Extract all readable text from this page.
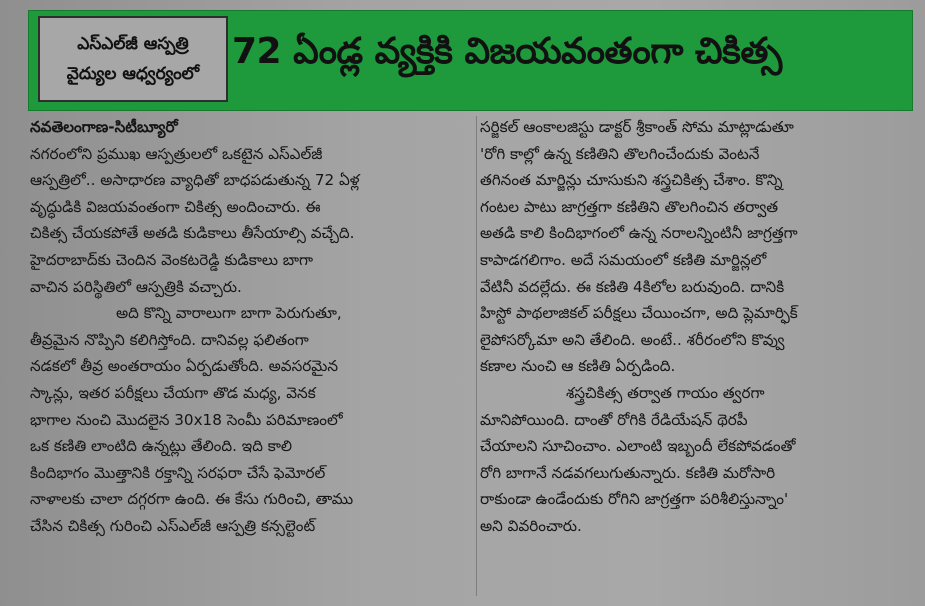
ఎస్ఎల్‌జీ ఆస్పత్రి
వైద్యుల ఆధ్వర్యంలో
72 ఏండ్ల వ్యక్తికి విజయవంతంగా చికిత్స
నవతెలంగాణ-సిటీబ్యూరో
నగరంలోని ప్రముఖ ఆస్పత్రులలో ఒకటైన ఎస్ఎల్‌జీ
ఆస్పత్రిలో.. అసాధారణ వ్యాధితో బాధపడుతున్న 72 ఏళ్ల
వృద్ధుడికి విజయవంతంగా చికిత్స అందించారు. ఈ
చికిత్స చేయకపోతే అతడి కుడికాలు తీసేయాల్సి వచ్చేది.
హైదరాబాద్‌కు చెందిన వెంకటరెడ్డి కుడికాలు బాగా
వాచిన పరిస్థితిలో ఆస్పత్రికి వచ్చారు.
అది కొన్ని వారాలుగా బాగా పెరుగుతూ,
తీవ్రమైన నొప్పిని కలిగిస్తోంది. దానివల్ల ఫలితంగా
నడకలో తీవ్ర అంతరాయం ఏర్పడుతోంది. అవసరమైన
స్కాన్లు, ఇతర పరీక్షలు చేయగా తొడ మధ్య, వెనక
భాగాల నుంచి మొదలైన 30x18 సెంమీ పరిమాణంలో
ఒక కణితి లాంటిది ఉన్నట్లు తేలింది. ఇది కాలి
కిందిభాగం మొత్తానికి రక్తాన్ని సరఫరా చేసే ఫెమోరల్
నాళాలకు చాలా దగ్గరగా ఉంది. ఈ కేసు గురించి, తాము
చేసిన చికిత్స గురించి ఎస్ఎల్‌జీ ఆస్పత్రి కన్సల్టెంట్
సర్జికల్ ఆంకాలజిస్టు డాక్టర్ శ్రీకాంత్ సోమ మాట్లాడుతూ
'రోగి కాల్లో ఉన్న కణితిని తొలగించేందుకు వెంటనే
తగినంత మార్జిన్లు చూసుకుని శస్త్రచికిత్స చేశాం. కొన్ని
గంటల పాటు జాగ్రత్తగా కణితిని తొలగించిన తర్వాత
అతడి కాలి కిందిభాగంలో ఉన్న నరాలన్నింటినీ జాగ్రత్తగా
కాపాడగలిగాం. అదే సమయంలో కణితి మార్జిన్లలో
వేటినీ వదల్లేదు. ఈ కణితి 4కిలోల బరువుంది. దానికి
హిస్టో పాథలాజికల్ పరీక్షలు చేయించగా, అది ప్లెమార్ఫిక్
లైపోసర్కోమా అని తేలింది. అంటే.. శరీరంలోని కొవ్వు
కణాల నుంచి ఆ కణితి ఏర్పడింది.
శస్త్రచికిత్స తర్వాత గాయం త్వరగా
మానిపోయింది. దాంతో రోగికి రేడియేషన్ థెరపీ
చేయాలని సూచించాం. ఎలాంటి ఇబ్బందీ లేకపోవడంతో
రోగి బాగానే నడవగలుగుతున్నారు. కణితి మరోసారి
రాకుండా ఉండేందుకు రోగిని జాగ్రత్తగా పరిశీలిస్తున్నాం'
అని వివరించారు.
